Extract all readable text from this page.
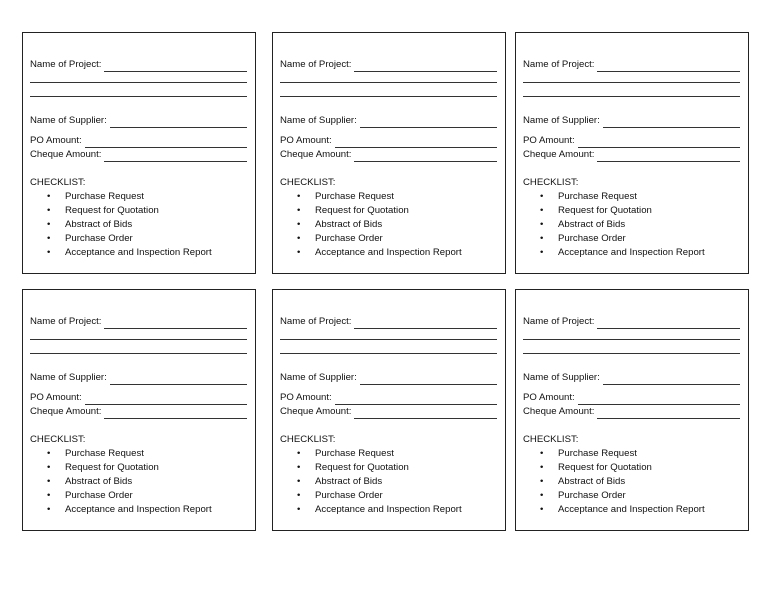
Name of Project:
Name of Supplier:
PO Amount:
Cheque Amount:
CHECKLIST:
• Purchase Request
• Request for Quotation
• Abstract of Bids
• Purchase Order
• Acceptance and Inspection Report
Name of Project:
Name of Supplier:
PO Amount:
Cheque Amount:
CHECKLIST:
• Purchase Request
• Request for Quotation
• Abstract of Bids
• Purchase Order
• Acceptance and Inspection Report
Name of Project:
Name of Supplier:
PO Amount:
Cheque Amount:
CHECKLIST:
• Purchase Request
• Request for Quotation
• Abstract of Bids
• Purchase Order
• Acceptance and Inspection Report
Name of Project:
Name of Supplier:
PO Amount:
Cheque Amount:
CHECKLIST:
• Purchase Request
• Request for Quotation
• Abstract of Bids
• Purchase Order
• Acceptance and Inspection Report
Name of Project:
Name of Supplier:
PO Amount:
Cheque Amount:
CHECKLIST:
• Purchase Request
• Request for Quotation
• Abstract of Bids
• Purchase Order
• Acceptance and Inspection Report
Name of Project:
Name of Supplier:
PO Amount:
Cheque Amount:
CHECKLIST:
• Purchase Request
• Request for Quotation
• Abstract of Bids
• Purchase Order
• Acceptance and Inspection Report
